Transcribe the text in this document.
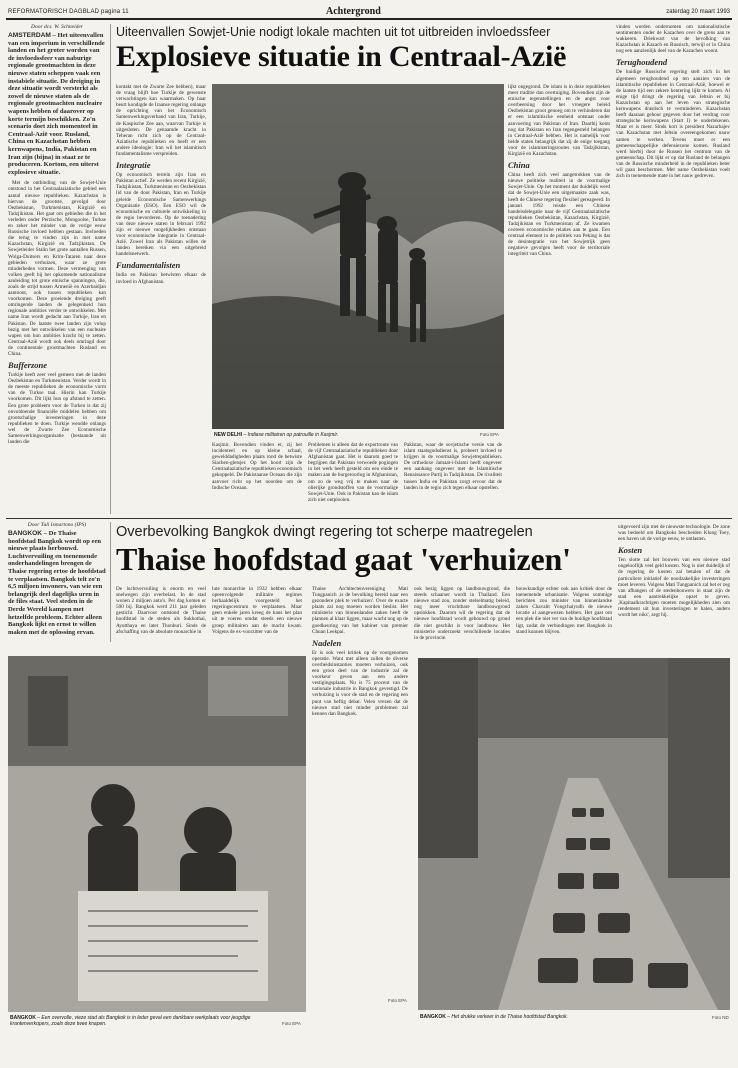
REFORMATORISCH DAGBLAD pagina 11	Achtergrond	zaterdag 20 maart 1993

Door dcs. W. Schneider

AMSTERDAM – Het uiteenvallen van een imperium in verschillende landen en het groter worden van de invloedssfeer van naburige regionale grootmachten in deze nieuwe staten scheppen vaak een instabiele situatie. De dreiging in deze situatie wordt versterkt als zowel de nieuwe staten als de regionale grootmachten nucleaire wapens hebben of daarover op korte termijn beschikken. Zo'n scenario doet zich momenteel in Centraal-Azië voor. Rusland, China en Kazachstan hebben kernwapens, India, Pakistan en Iran zijn (bijna) in staat ze te produceren. Kortom, een uiterst explosieve situatie.

Met de ontbinding van de Sowjet-Unie ontstond in het Centraalaziatische gebied een aantal nieuwe republieken. Kazachstan is hiervan de grootste, gevolgd door Oezbekistan, Turkmenistan, Kirgizië en Tadzjikistan. Het gaat om gebieden die in het verleden onder Perzische, Mongoolse, Turkse en zeker het minder van de vorige eeuw Russische invloed hebben gestaan. Invloeden die terug te vinden zijn in met name Kazachstan, Kirgizië en Tadzjikistan. De Sowjetleider Stalin het grote aantallen Russen, Wolga-Duitsers en Krim-Tataren naar deze gebieden verhuizen, waar ze grote minderheden vormen. Deze vermenging van volken geeft bij het opkomende nationalisme aanleiding tot grote etnische spanningen, die, zoals de strijd tussen Armenië en Azerbaidjan aantoont, ook tussen republieken kan voorkomen. Deze groeiende dreiging geeft omringende landen de gelegenheid hun regionale ambities verder te ontwikkelen. Met name Iran wordt gedacht aan Turkije, Iran en Pakistan. De laatste twee landen zijn volop bezig met het ontwikkelen van een nucleaire wapen om hun ambities kracht bij te zetten. Centraal-Azië wordt ook deels omringd door de continentale grootmachten Rusland en China.

Bufferzone

Turkije heeft zeer veel gemeen met de landen Oezbekistan en Turkmenistan. Verder wordt in de meeste republieken de economische vorm van de Turkse taal. Hierin kan Turkije voorkomen. Dit lijkt hun op afstand te zetten. Een grote probleem voor de Turken is dat zij onvoldoende financiële middelen hebben om grootschalige investeringen in deze republieken te doen. Turkije wendde onlangs wel de Zwarte Zee Economische Samenwerkingsorganisatie (bestaande uit landen die

Uiteenvallen Sowjet-Unie nodigt lokale machten uit tot uitbreiden invloedssfeer
Explosieve situatie in Centraal-Azië

kontakt met de Zwarte Zee hebben), maar de vraag blijft hoe Turkije de gewenste verwachtingen kan waarmaken. Op haar beurt kondigde de Iraanse regering onlangs de oprichting van het Economisch Samenwerkingsverband van Iran, Turkije, de Kaspische Zee aan, waarvan Turkije is uitgesloten. De genaamde kracht in Teheran richt zich op de Centraal-Aziatische republieken en heeft er een andere ideologie: Iran wil het islamitisch fundamentalisme verspreiden.

Integratie

Op economisch terrein zijn Iran en Pakistan actief. Ze werden recent Kirgizië, Tadzjikistan, Turkmenistan en Oezbekistan lid van de door Pakistan, Iran en Turkije geleide Economische Samenwerkings Organisatie (ESO). Een ESO wil de economische en culturele ontwikkeling in de regio bevorderen. Op de toenadering van deze nieuwe staten in februari 1992 zijn er nieuwe mogelijkheden ontstaan voor economische integratie in Centraal-Azië. Zowel Iran als Pakistan willen de landen bereiken via een uitgebreid handelsnetwerk.

Fundamentalisten

India en Pakistan betwisten elkaar de invloed in Afghanistan.

NEW DELHI – Indiase militairen op patrouille in Kasjmir.	Foto EPA

Kasjmir. Bovendien vinden er, zij het incidenteel en op kleine schaal, gewelddadigheden plaats rond de betwiste Siachen-gletsjer. Op het hoort zijn de Centraalaziatische republieken economisch gekoppeld. De Pakistaanse Oceaan die zijn aanvoer richt op het noorden om de Indische Oceaan.

Problemen is alleen dat de exportroute van de vijf Centraalaziatische republieken door Afghanistan gaat. Het is daarom goed te begrijpen dat Pakistan verwoede pogingen in het werk heeft gesteld om een einde te maken aan de burgeroorlog in Afghanistan, om zo de weg vrij te maken naar de olierijke grondstoffen van de voormalige Sowjet-Unie. Ook in Pakistan kan de islam zich niet ontplooien.

Pakistan, waar de sovjetische versie van de islam staatsgodsdienst is, probeert invloed te krijgen in de voormalige Sowjetrepublieken. De orthodoxe Jamaat-i-Islami heeft ongeveer een aanhang ongeveer met de Islamitische Renaissance Partij in Tadzjikistan. De rivaliteit tussen India en Pakistan zorgt ervoor dat de landen in de regio zich tegen elkaar opstellen.

lijkt ongegrond. De islam is in deze republieken meer traditie dan overtuiging. Bovendien zijn de etnische tegenstellingen en de angst voor overheersing door het vroegere beleid Oezbekistan groot genoeg om te verhinderen dat er een islamitische eenheid ontstaat onder aanvoering van Pakistan of Iran. Daarbij komt nog dat Pakistan en Iran tegengesteld belangen in Centraal-Azië hebben. Het is namelijk voor beide staten belangrijk dat zij de enige toegang voor de islamiseringsroutes van Tadzjikistan, Kirgizië en Kazachstan.

China

China heeft zich veel aangetrokken van de nieuwe politieke realiteit in de voormalige Sowjet-Unie. Op het moment dat duidelijk werd dat de Sowjet-Unie een uitgemaakte zaak was, heeft de Chinese regering flexibel gereageerd. In januari 1992 reisde een Chinese handelsdelegatie naar de vijf Centraalaziatische republieken Oezbekistan, Kazachstan, Kirgizië, Tadzjikistan en Turkmenistan af. Ze kwamen overeen economische relaties aan te gaan. Een centraal element in de politiek van Peking is dat de desintegratie van het Sowjetrijk geen negatieve gevolgen heeft voor de territoriale integriteit van China.

vinden worden ondernomen om nationalistische sentimenten onder de Kazachen over de grens aan te wakkeren. Driekwart van de bevolking van Kazachstan is Kazach en Russisch, terwijl er in China nog een aanzienlijk deel van de Kazachen woont.

Terughoudend

De huidige Russische regering stelt zich in het algemeen terughoudend op ten aanzien van de islamitische republieken in Centraal-Azië, hoewel er de laatste tijd een zekere kentering lijkt te komen. Al enige tijd dringt de regering van Jeltsin er bij Kazachstan op aan het leven van strategische kernwapens drastisch te verminderen. Kazachstan heeft daaraan gehoor gegeven door het verdrag voor strategische kernwapens (Start I) te ondertekenen. Maar er is meer. Sinds kort is president Nazarbajev van Kazachstan met Jeltsin overeengekomen nauw samen te werken. Tevens moet er een gemeenschappelijke defensiezone komen. Rusland werd hierbij door de Russen het centrum van de gemeenschap. Dit lijkt er op dat Rusland de belangen van de Russische minderheid in de republieken beter wil gaan beschermen. Met name Oezbekistan voelt zich in toenemende mate in het nauw gedreven.

Door Tuli Ismartono (IPS)

BANGKOK – De Thaise hoofdstad Bangkok wordt op een nieuwe plaats herbouwd. Luchtvervuiling en toenemende onderhandelingen brengen de Thaise regering ertoe de hoofdstad te verplaatsen. Bangkok telt zo'n 6,5 miljoen inwoners, van wie een belangrijk deel dagelijks uren in de files staat. Veel steden in de Derde Wereld kampen met hetzelfde probleem. Echter alleen Bangkok lijkt en ernst te willen maken met de oplossing ervan.

Overbevolking Bangkok dwingt regering tot scherpe maatregelen
Thaise hoofdstad gaat 'verhuizen'

De luchtvervuiling is enorm en veel snelwegen zijn overbelast. In de stad wonen 2 miljoen auto's. Per dag komen er 500 bij. Bangkok werd 211 jaar geleden gesticht. Daarvoor ontstond de Thaise hoofdstad in de steden als Sukhothai, Ayutthaya en later Thonburi. Sinds de afschaffing van de absolute monarchie in

lute monarchie in 1932 hebben elkaar opeenvolgende militaire regimes herhaaldelijk voorgesteld het regeringscentrum te verplaatsen. Maar geen enkele jaren kreeg de kans het plan uit te voeren omdat steeds een nieuwe groep militairen aan de macht kwam. Volgens de ex-voorzitter van de

Thaise Architectenvereniging Mati Tungpanich ,is de bevolking bereid naar een gezondere plek te verhuizen'. Over de exacte plaats zal nog moeten worden beslist. Het ministerie van binnenlandse zaken heeft de plannen al klaar liggen, maar wacht nog op de goedkeuring van het kabinet van premier Chuan Leekpai.

Nadelen

Er is ook veel kritiek op de voorgenomen operatie. Want met alleen zullen de diverse overheidsinstanties moeten verhuizen, ook een groot deel van de industrie zal de voorkeur geven aan een andere vestigingsplaats. Nu is 75 procent van de nationale industrie in Bangkok gevestigd. De verhuizing is voor de stad en de regering een punt van heftig debat. Velen vrezen dat de nieuwe stad niet minder problemen zal kennen dan Bangkok.

ook bezig liggen op landbouwgrond, die steeds schaarser wordt in Thailand. Een nieuwe stad zou, zonder stelselmatig beleid, nog meer vruchtbare landbouwgrond opslokken. Daarom wil de regering dat de nieuwe hoofdstad wordt gebouwd op grond die niet geschikt is voor landbouw. Het ministerie onderzoekt verschillende locaties in de provincie.

bouwkundige echter ook aan kritiek door de toenemende urbanisatie. Volgens sommige berichten zou minister van binnenlandse zaken Chavalit Yongchaiyudh de nieuwe locatie al aangewezen hebben. Het gaat om een plek die niet ver van de huidige hoofdstad ligt, zodat de verbindingen met Bangkok in stand kunnen blijven.

uitgevoerd zijn met de nieuwste technologie. De zone was bedoeld om Bangkoks bescheiden Klong Toey, een haven uit de vorige eeuw, te ontlasten.

Kosten

Ten slotte zal het bouwen van een nieuwe stad ongelooflijk veel geld kosten. Nog is niet duidelijk of de regering de kosten zal betalen of dat de particuliere initiatief de noodzakelijke investeringen moet leveren. Volgens Mati Tungpanich zal het er zeg van afhangen of de stedenbouwers in staat zijn de stad een aantrekkelijke opzet te geven. ,Kapitaalkrachtigen moeten mogelijkheden zien om rendement uit hun investeringen te halen, anders wordt het niks', zegt hij.

BANGKOK – Een overvolle, vieze stad als Bangkok is in leder geval een dankbare werkplaats voor jeugdige krantenverkopers, zoals deze twee knapen.	Foto EPA
Foto EPA
BANGKOK – Het drukke verkeer in de Thaise hoofdstad Bangkok.	Foto ND
